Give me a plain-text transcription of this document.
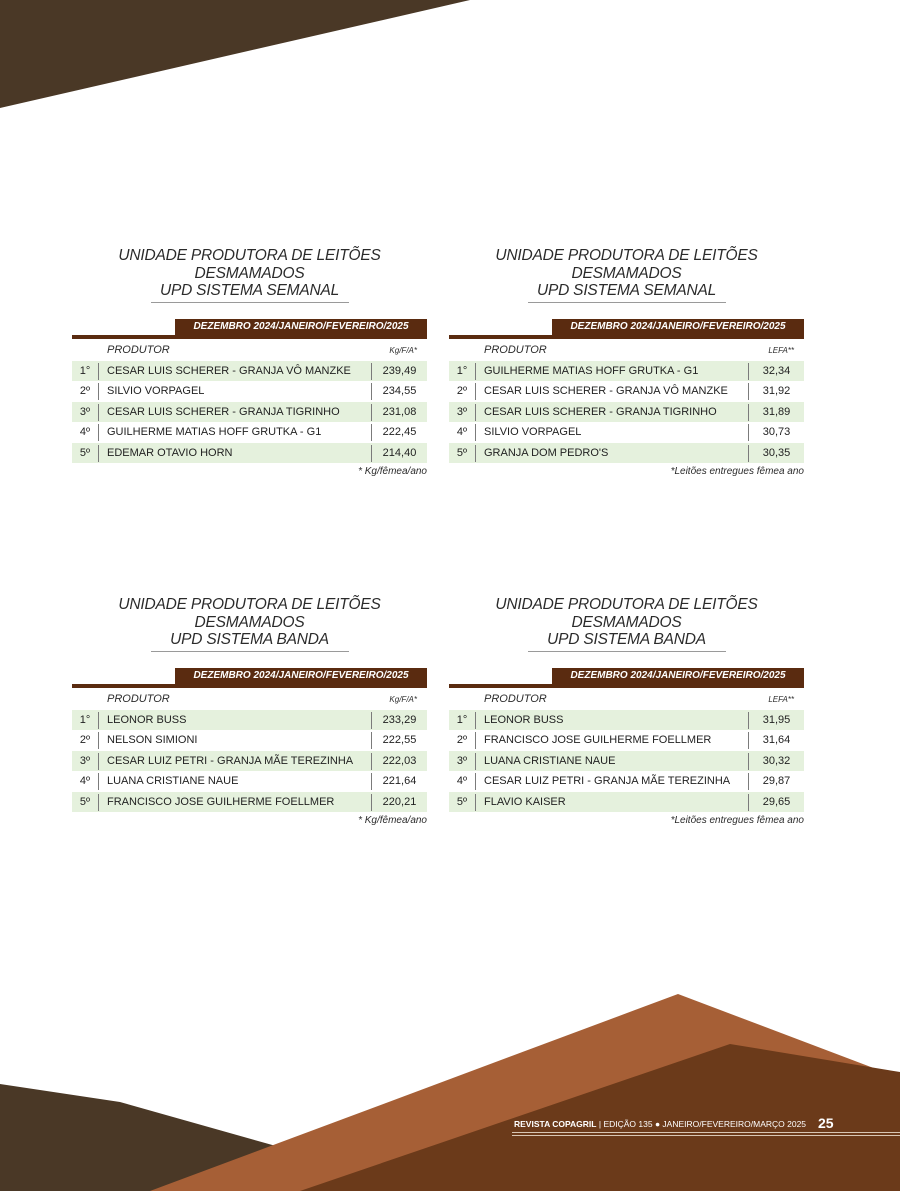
UNIDADE PRODUTORA DE LEITÕES
DESMAMADOS
UPD SISTEMA SEMANAL
DEZEMBRO 2024/JANEIRO/FEVEREIRO/2025
PRODUTOR	Kg/F/A*
1°	CESAR LUIS SCHERER - GRANJA VÔ MANZKE	239,49
2º	SILVIO VORPAGEL	234,55
3º	CESAR LUIS SCHERER - GRANJA TIGRINHO	231,08
4º	GUILHERME MATIAS HOFF GRUTKA - G1	222,45
5º	EDEMAR OTAVIO HORN	214,40
* Kg/fêmea/ano
UNIDADE PRODUTORA DE LEITÕES
DESMAMADOS
UPD SISTEMA SEMANAL
DEZEMBRO 2024/JANEIRO/FEVEREIRO/2025
PRODUTOR	LEFA**
1°	GUILHERME MATIAS HOFF GRUTKA - G1	32,34
2º	CESAR LUIS SCHERER - GRANJA VÔ MANZKE	31,92
3º	CESAR LUIS SCHERER - GRANJA TIGRINHO	31,89
4º	SILVIO VORPAGEL	30,73
5º	GRANJA DOM PEDRO'S	30,35
*Leitões entregues fêmea ano
UNIDADE PRODUTORA DE LEITÕES
DESMAMADOS
UPD SISTEMA BANDA
DEZEMBRO 2024/JANEIRO/FEVEREIRO/2025
PRODUTOR	Kg/F/A*
1°	LEONOR BUSS	233,29
2º	NELSON SIMIONI	222,55
3º	CESAR LUIZ PETRI - GRANJA MÃE TEREZINHA	222,03
4º	LUANA CRISTIANE NAUE	221,64
5º	FRANCISCO JOSE GUILHERME FOELLMER	220,21
* Kg/fêmea/ano
UNIDADE PRODUTORA DE LEITÕES
DESMAMADOS
UPD SISTEMA BANDA
DEZEMBRO 2024/JANEIRO/FEVEREIRO/2025
PRODUTOR	LEFA**
1°	LEONOR BUSS	31,95
2º	FRANCISCO JOSE GUILHERME FOELLMER	31,64
3º	LUANA CRISTIANE NAUE	30,32
4º	CESAR LUIZ PETRI - GRANJA MÃE TEREZINHA	29,87
5º	FLAVIO KAISER	29,65
*Leitões entregues fêmea ano
REVISTA COPAGRIL | EDIÇÃO 135 ● JANEIRO/FEVEREIRO/MARÇO 2025 25
